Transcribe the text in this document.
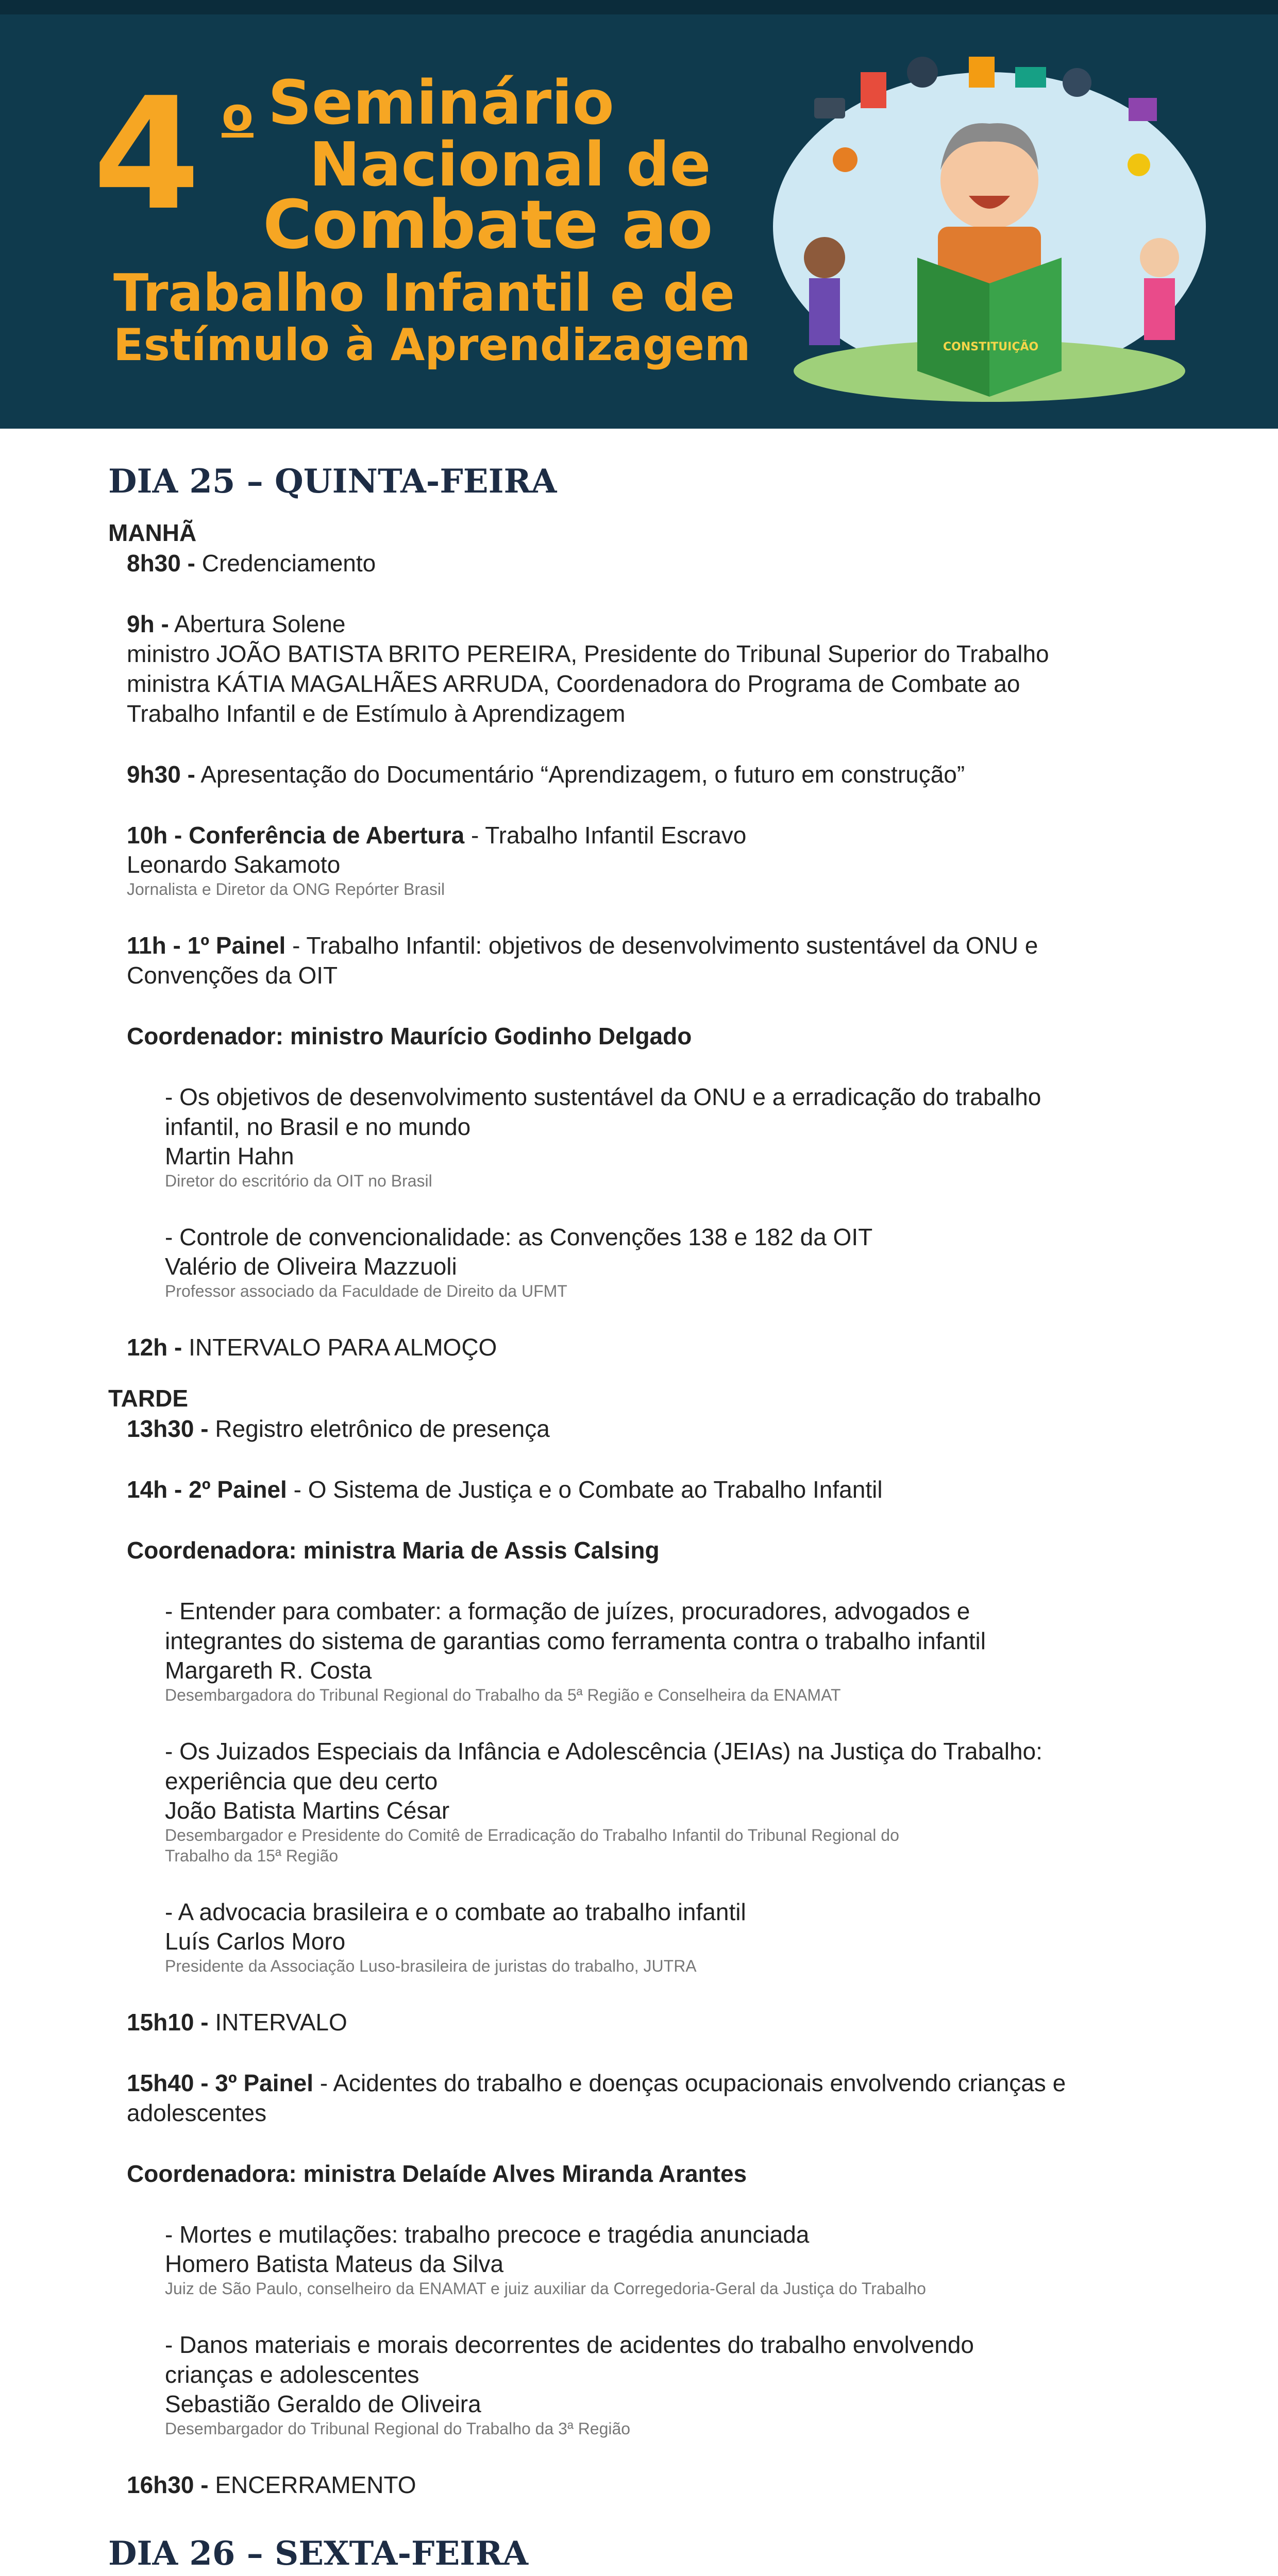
4 o Seminário
Nacional de
Combate ao
Trabalho Infantil e de
Estímulo à Aprendizagem	CONSTITUIÇÃO
DIA 25 – QUINTA-FEIRA
MANHÃ
8h30 - Credenciamento
9h - Abertura Solene
ministro JOÃO BATISTA BRITO PEREIRA, Presidente do Tribunal Superior do Trabalho
ministra KÁTIA MAGALHÃES ARRUDA, Coordenadora do Programa de Combate ao
Trabalho Infantil e de Estímulo à Aprendizagem
9h30 - Apresentação do Documentário “Aprendizagem, o futuro em construção”
10h - Conferência de Abertura - Trabalho Infantil Escravo
Leonardo Sakamoto
Jornalista e Diretor da ONG Repórter Brasil
11h - 1º Painel - Trabalho Infantil: objetivos de desenvolvimento sustentável da ONU e
Convenções da OIT
Coordenador: ministro Maurício Godinho Delgado
- Os objetivos de desenvolvimento sustentável da ONU e a erradicação do trabalho
infantil, no Brasil e no mundo
Martin Hahn
Diretor do escritório da OIT no Brasil
- Controle de convencionalidade: as Convenções 138 e 182 da OIT
Valério de Oliveira Mazzuoli
Professor associado da Faculdade de Direito da UFMT
12h - INTERVALO PARA ALMOÇO
TARDE
13h30 - Registro eletrônico de presença
14h - 2º Painel - O Sistema de Justiça e o Combate ao Trabalho Infantil
Coordenadora: ministra Maria de Assis Calsing
- Entender para combater: a formação de juízes, procuradores, advogados e
integrantes do sistema de garantias como ferramenta contra o trabalho infantil
Margareth R. Costa
Desembargadora do Tribunal Regional do Trabalho da 5ª Região e Conselheira da ENAMAT
- Os Juizados Especiais da Infância e Adolescência (JEIAs) na Justiça do Trabalho:
experiência que deu certo
João Batista Martins César
Desembargador e Presidente do Comitê de Erradicação do Trabalho Infantil do Tribunal Regional do
Trabalho da 15ª Região
- A advocacia brasileira e o combate ao trabalho infantil
Luís Carlos Moro
Presidente da Associação Luso-brasileira de juristas do trabalho, JUTRA
15h10 - INTERVALO
15h40 - 3º Painel - Acidentes do trabalho e doenças ocupacionais envolvendo crianças e
adolescentes
Coordenadora: ministra Delaíde Alves Miranda Arantes
- Mortes e mutilações: trabalho precoce e tragédia anunciada
Homero Batista Mateus da Silva
Juiz de São Paulo, conselheiro da ENAMAT e juiz auxiliar da Corregedoria-Geral da Justiça do Trabalho
- Danos materiais e morais decorrentes de acidentes do trabalho envolvendo
crianças e adolescentes
Sebastião Geraldo de Oliveira
Desembargador do Tribunal Regional do Trabalho da 3ª Região
16h30 - ENCERRAMENTO
DIA 26 – SEXTA-FEIRA
